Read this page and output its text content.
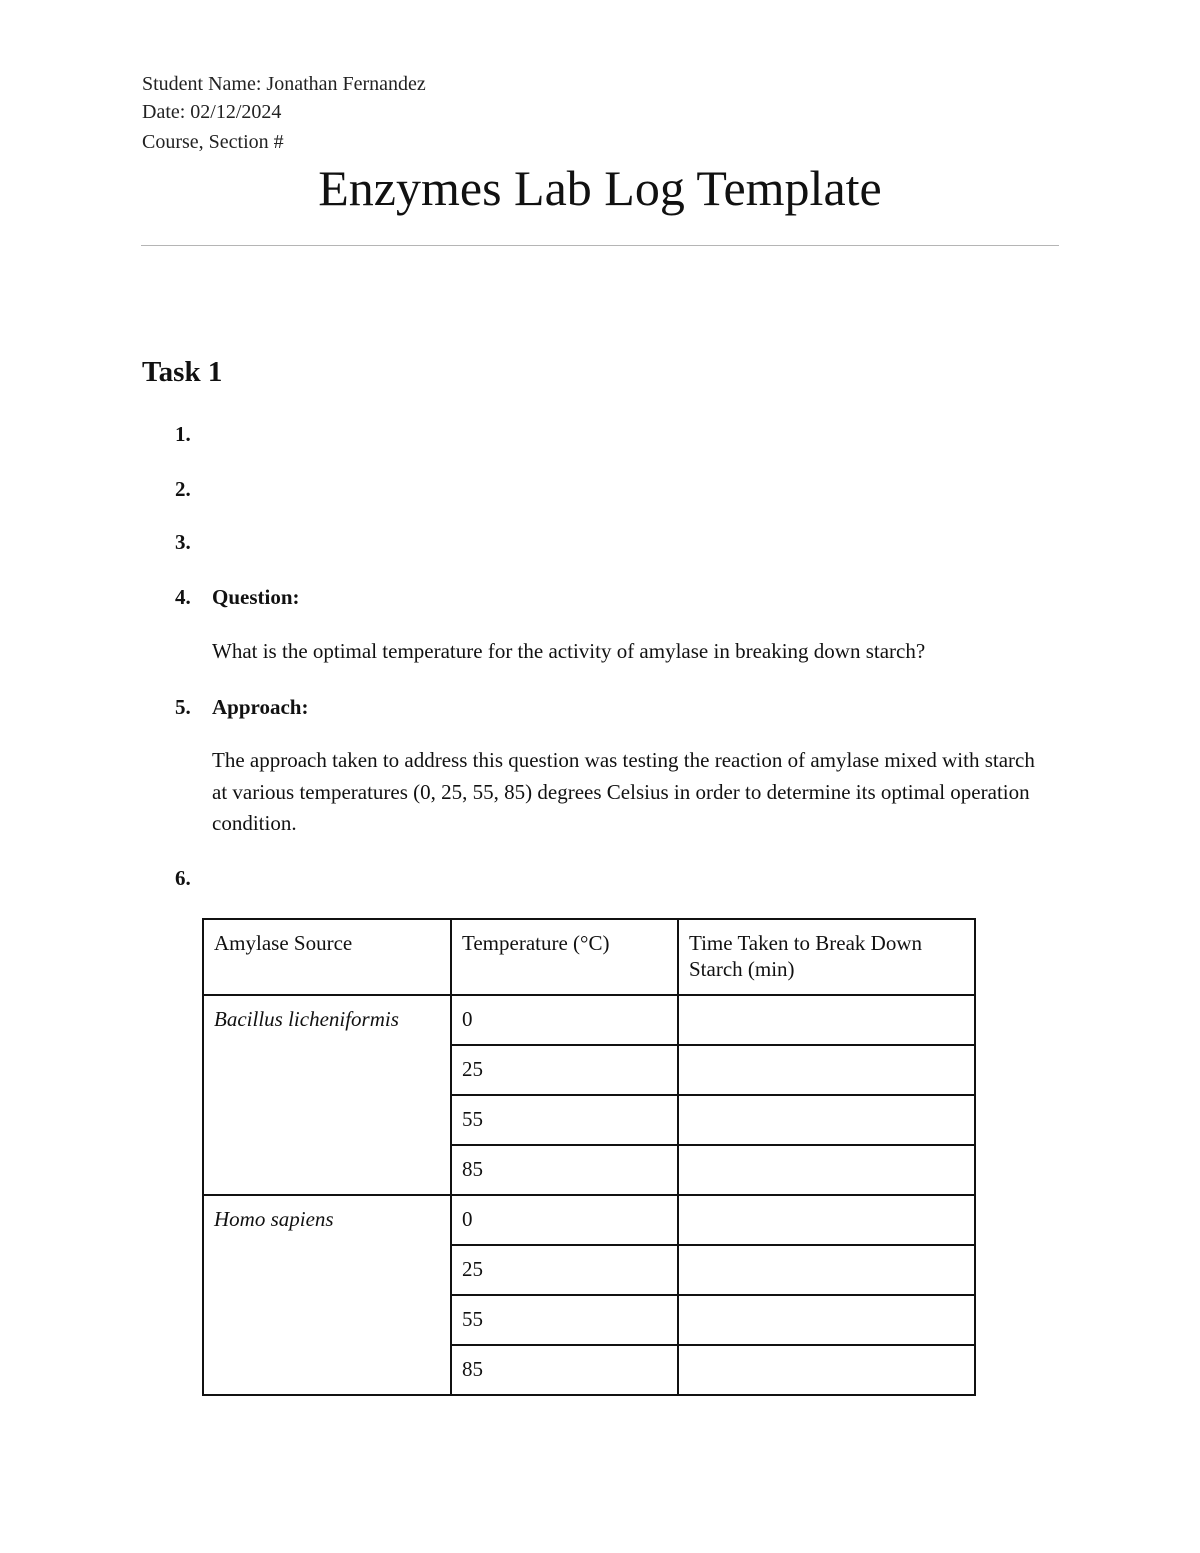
Student Name: Jonathan Fernandez
Date: 02/12/2024
Course, Section #
Enzymes Lab Log Template
Task 1
1.
2.
3.
4. Question:

What is the optimal temperature for the activity of amylase in breaking down starch?

5. Approach:

The approach taken to address this question was testing the reaction of amylase mixed with starch at various temperatures (0, 25, 55, 85) degrees Celsius in order to determine its optimal operation condition.

6.
Amylase Source	Temperature (°C)	Time Taken to Break Down Starch (min)
Bacillus licheniformis	0	
	25	
	55	
	85	
Homo sapiens	0	
	25	
	55	
	85	
